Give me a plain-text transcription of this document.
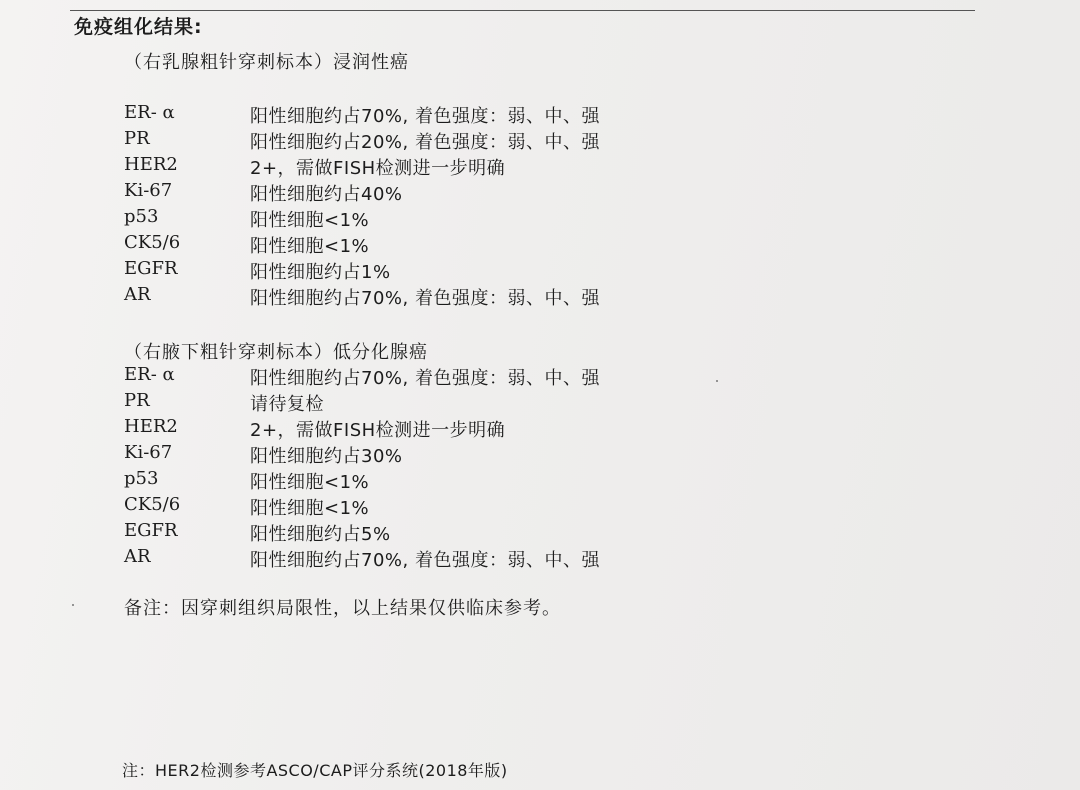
免疫组化结果:
（右乳腺粗针穿刺标本）浸润性癌
ER- α	阳性细胞约占70%, 着色强度：弱、中、强
PR	阳性细胞约占20%, 着色强度：弱、中、强
HER2	2+，需做FISH检测进一步明确
Ki-67	阳性细胞约占40%
p53	阳性细胞<1%
CK5/6	阳性细胞<1%
EGFR	阳性细胞约占1%
AR	阳性细胞约占70%, 着色强度：弱、中、强
（右腋下粗针穿刺标本）低分化腺癌
ER- α	阳性细胞约占70%, 着色强度：弱、中、强
PR	请待复检
HER2	2+，需做FISH检测进一步明确
Ki-67	阳性细胞约占30%
p53	阳性细胞<1%
CK5/6	阳性细胞<1%
EGFR	阳性细胞约占5%
AR	阳性细胞约占70%, 着色强度：弱、中、强
备注：因穿刺组织局限性，以上结果仅供临床参考。
注：HER2检测参考ASCO/CAP评分系统(2018年版)
